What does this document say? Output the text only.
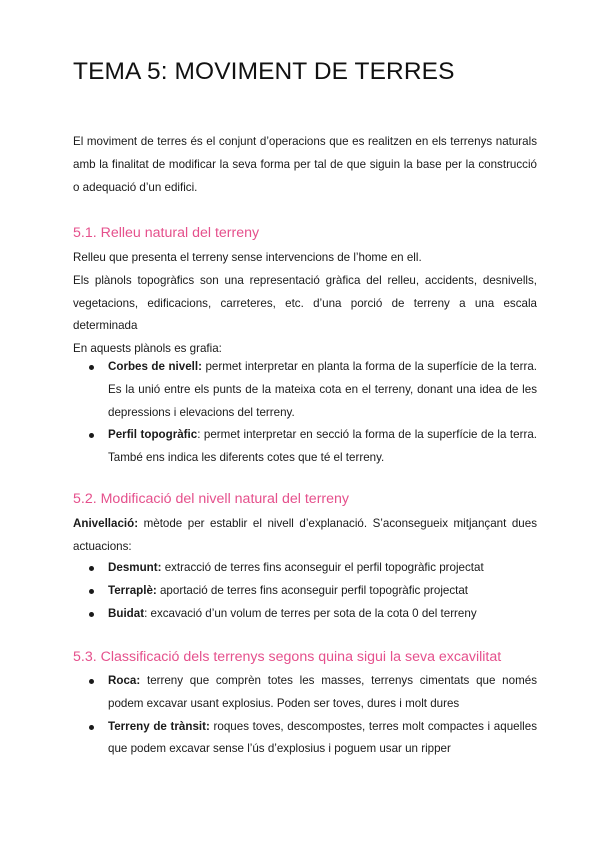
TEMA 5: MOVIMENT DE TERRES
El moviment de terres és el conjunt d’operacions que es realitzen en els terrenys naturals amb la finalitat de modificar la seva forma per tal de que siguin la base per la construcció o adequació d’un edifici.
5.1. Relleu natural del terreny
Relleu que presenta el terreny sense intervencions de l’home en ell.
Els plànols topogràfics son una representació gràfica del relleu, accidents, desnivells, vegetacions, edificacions, carreteres, etc. d’una porció de terreny a una escala determinada
En aquests plànols es grafia:
Corbes de nivell: permet interpretar en planta la forma de la superfície de la terra. Es la unió entre els punts de la mateixa cota en el terreny, donant una idea de les depressions i elevacions del terreny.
Perfil topogràfic: permet interpretar en secció la forma de la superfície de la terra. També ens indica les diferents cotes que té el terreny.
5.2. Modificació del nivell natural del terreny
Anivellació: mètode per establir el nivell d’explanació. S’aconsegueix mitjançant dues actuacions:
Desmunt: extracció de terres fins aconseguir el perfil topogràfic projectat
Terraplè: aportació de terres fins aconseguir perfil topogràfic projectat
Buidat: excavació d’un volum de terres per sota de la cota 0 del terreny
5.3. Classificació dels terrenys segons quina sigui la seva excavilitat
Roca: terreny que comprèn totes les masses, terrenys cimentats que només podem excavar usant explosius. Poden ser toves, dures i molt dures
Terreny de trànsit: roques toves, descompostes, terres molt compactes i aquelles que podem excavar sense l’ús d’explosius i poguem usar un ripper
